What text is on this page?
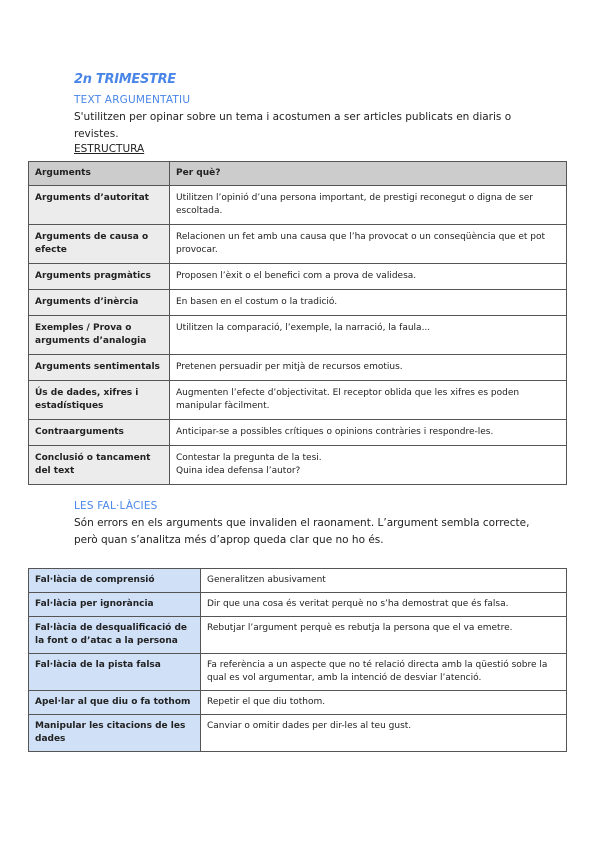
2n TRIMESTRE
TEXT ARGUMENTATIU
S'utilitzen per opinar sobre un tema i acostumen a ser articles publicats en diaris o revistes.
ESTRUCTURA
Arguments	Per què?
Arguments d’autoritat	Utilitzen l’opinió d’una persona important, de prestigi reconegut o digna de ser escoltada.
Arguments de causa o efecte	Relacionen un fet amb una causa que l’ha provocat o un conseqüència que et pot provocar.
Arguments pragmàtics	Proposen l’èxit o el benefici com a prova de validesa.
Arguments d’inèrcia	En basen en el costum o la tradició.
Exemples / Prova o arguments d’analogia	Utilitzen la comparació, l’exemple, la narració, la faula...
Arguments sentimentals	Pretenen persuadir per mitjà de recursos emotius.
Ús de dades, xifres i estadístiques	Augmenten l’efecte d’objectivitat. El receptor oblida que les xifres es poden manipular fàcilment.
Contraarguments	Anticipar-se a possibles crítiques o opinions contràries i respondre-les.
Conclusió o tancament del text	Contestar la pregunta de la tesi.
Quina idea defensa l’autor?
LES FAL·LÀCIES
Són errors en els arguments que invaliden el raonament. L’argument sembla correcte, però quan s’analitza més d’aprop queda clar que no ho és.
Fal·làcia de comprensió	Generalitzen abusivament
Fal·làcia per ignorància	Dir que una cosa és veritat perquè no s’ha demostrat que és falsa.
Fal·làcia de desqualificació de la font o d’atac a la persona	Rebutjar l’argument perquè es rebutja la persona que el va emetre.
Fal·làcia de la pista falsa	Fa referència a un aspecte que no té relació directa amb la qüestió sobre la qual es vol argumentar, amb la intenció de desviar l’atenció.
Apel·lar al que diu o fa tothom	Repetir el que diu tothom.
Manipular les citacions de les dades	Canviar o omitir dades per dir-les al teu gust.
